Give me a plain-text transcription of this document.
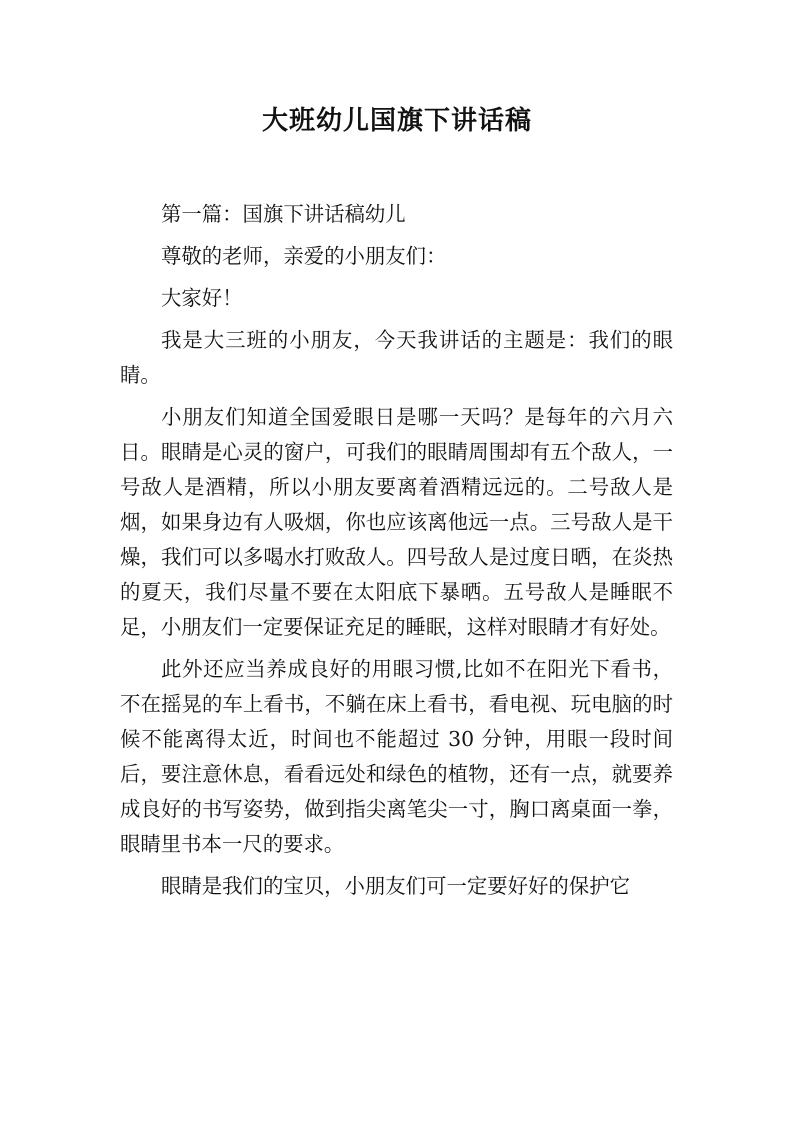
大班幼儿国旗下讲话稿

第一篇：国旗下讲话稿幼儿

尊敬的老师，亲爱的小朋友们：

大家好！

我是大三班的小朋友，今天我讲话的主题是：我们的眼睛。

小朋友们知道全国爱眼日是哪一天吗？是每年的六月六日。眼睛是心灵的窗户，可我们的眼睛周围却有五个敌人，一号敌人是酒精，所以小朋友要离着酒精远远的。二号敌人是烟，如果身边有人吸烟，你也应该离他远一点。三号敌人是干燥，我们可以多喝水打败敌人。四号敌人是过度日晒，在炎热的夏天，我们尽量不要在太阳底下暴晒。五号敌人是睡眠不足，小朋友们一定要保证充足的睡眠，这样对眼睛才有好处。

此外还应当养成良好的用眼习惯,比如不在阳光下看书，不在摇晃的车上看书，不躺在床上看书，看电视、玩电脑的时候不能离得太近，时间也不能超过 30 分钟，用眼一段时间后，要注意休息，看看远处和绿色的植物，还有一点，就要养成良好的书写姿势，做到指尖离笔尖一寸，胸口离桌面一拳，眼睛里书本一尺的要求。

眼睛是我们的宝贝，小朋友们可一定要好好的保护它
